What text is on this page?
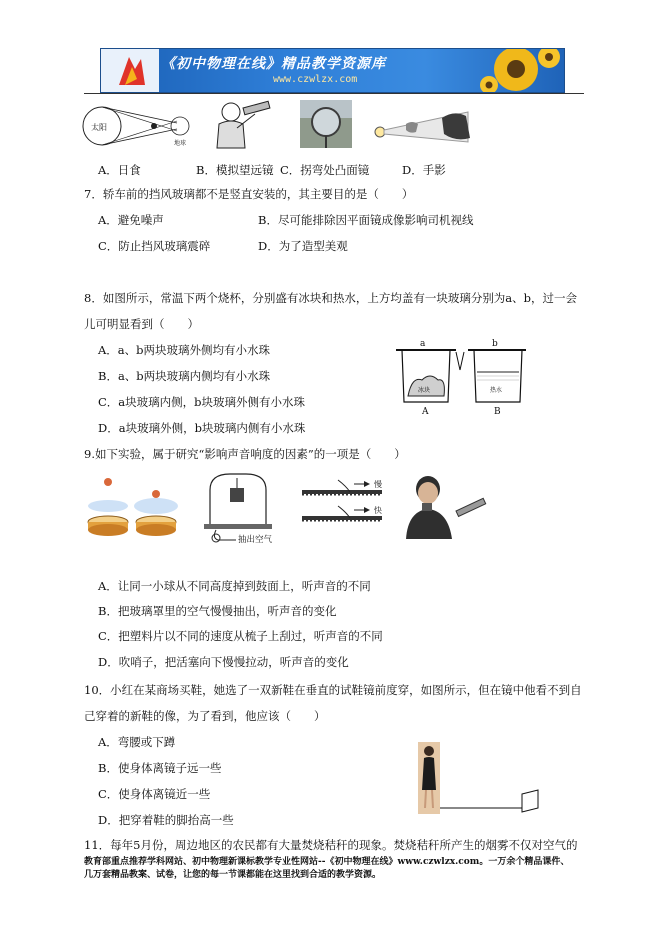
《初中物理在线》精品教学资源库
www.czwlzx.com
太阳
地球
A．日食	B．模拟望远镜 C．拐弯处凸面镜	D．手影
7．轿车前的挡风玻璃都不是竖直安装的，其主要目的是（　　）
A．避免噪声	B．尽可能排除因平面镜成像影响司机视线
C．防止挡风玻璃震碎	D．为了造型美观
8．如图所示，常温下两个烧杯，分别盛有冰块和热水，上方均盖有一块玻璃分别为a、b，过一会
儿可明显看到（　　）
A．a、b两块玻璃外侧均有小水珠
B．a、b两块玻璃内侧均有小水珠
C．a块玻璃内侧，b块玻璃外侧有小水珠
D．a块玻璃外侧，b块玻璃内侧有小水珠
a	b
冰块	热水
A	B
9.如下实验，属于研究“影响声音响度的因素”的一项是（　　）
抽出空气
慢
快
A．让同一小球从不同高度掉到鼓面上，听声音的不同
B．把玻璃罩里的空气慢慢抽出，听声音的变化
C．把塑料片以不同的速度从梳子上刮过，听声音的不同
D．吹哨子，把活塞向下慢慢拉动，听声音的变化
10．小红在某商场买鞋，她选了一双新鞋在垂直的试鞋镜前度穿，如图所示，但在镜中他看不到自
己穿着的新鞋的像，为了看到，他应该（　　）
A．弯腰或下蹲
B．使身体离镜子远一些
C．使身体离镜近一些
D．把穿着鞋的脚抬高一些
11．每年5月份，周边地区的农民都有大量焚烧秸秆的现象。焚烧秸秆所产生的烟雾不仅对空气的
教育部重点推荐学科网站、初中物理新课标教学专业性网站--《初中物理在线》www.czwlzx.com。一万余个精品课件、
几万套精品教案、试卷，让您的每一节课都能在这里找到合适的教学资源。
